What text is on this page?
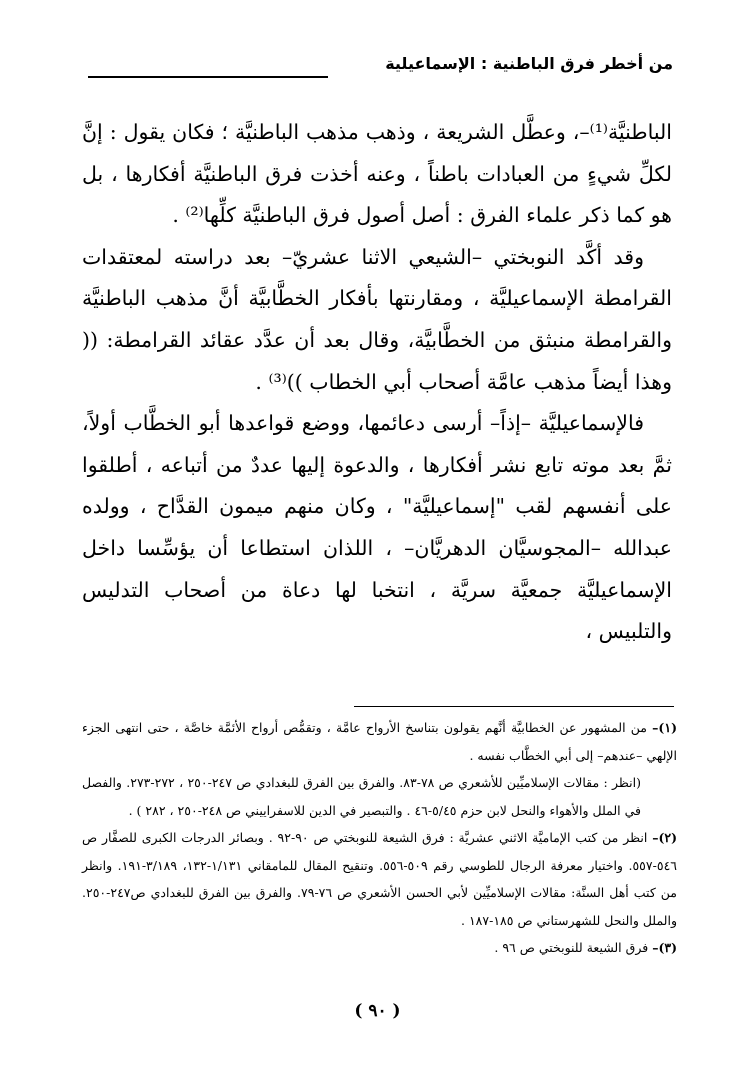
من أخطر فرق الباطنية : الإسماعيلية

الباطنيَّة⁽¹⁾–، وعطَّل الشريعة ، وذهب مذهب الباطنيَّة ؛ فكان يقول : إنَّ لكلِّ شيءٍ من العبادات باطناً ، وعنه أخذت فرق الباطنيَّة أفكارها ، بل هو كما ذكر علماء الفرق : أصل أصول فرق الباطنيَّة كلِّها⁽²⁾ .

وقد أكَّد النوبختي –الشيعي الاثنا عشريّ– بعد دراسته لمعتقدات القرامطة الإسماعيليَّة ، ومقارنتها بأفكار الخطَّابيَّة أنَّ مذهب الباطنيَّة والقرامطة منبثق من الخطَّابيَّة، وقال بعد أن عدَّد عقائد القرامطة: (( وهذا أيضاً مذهب عامَّة أصحاب أبي الخطاب ))⁽³⁾ .

فالإسماعيليَّة –إذاً– أرسى دعائمها، ووضع قواعدها أبو الخطَّاب أولاً، ثمَّ بعد موته تابع نشر أفكارها ، والدعوة إليها عددٌ من أتباعه ، أطلقوا على أنفسهم لقب "إسماعيليَّة" ، وكان منهم ميمون القدَّاح ، وولده عبدالله –المجوسيَّان الدهريَّان– ، اللذان استطاعا أن يؤسِّسا داخل الإسماعيليَّة جمعيَّة سريَّة ، انتخبا لها دعاة من أصحاب التدليس والتلبيس ،

(١)– من المشهور عن الخطابيَّة أنَّهم يقولون بتناسخ الأرواح عامَّة ، وتقمُّص أرواح الأئمَّة خاصَّة ، حتى انتهى الجزء الإلهي –عندهم– إلى أبي الخطَّاب نفسه .

(انظر : مقالات الإسلاميِّين للأشعري ص ٧٨-٨٣. والفرق بين الفرق للبغدادي ص ٢٤٧-٢٥٠ ، ٢٧٢-٢٧٣. والفصل في الملل والأهواء والنحل لابن حزم ٥/٤٥-٤٦ . والتبصير في الدين للاسفراييني ص ٢٤٨-٢٥٠ ، ٢٨٢ ) .

(٢)– انظر من كتب الإماميَّة الاثني عشريَّة : فرق الشيعة للنوبختي ص ٩٠-٩٢ . وبصائر الدرجات الكبرى للصفَّار ص ٥٤٦-٥٥٧. واختيار معرفة الرجال للطوسي رقم ٥٠٩-٥٥٦. وتنقيح المقال للمامقاني ١/١٣١-١٣٢، ٣/١٨٩-١٩١. وانظر من كتب أهل السنَّة: مقالات الإسلاميِّين لأبي الحسن الأشعري ص ٧٦-٧٩. والفرق بين الفرق للبغدادي ص٢٤٧-٢٥٠. والملل والنحل للشهرستاني ص ١٨٥-١٨٧ .

(٣)– فرق الشيعة للنوبختي ص ٩٦ .

( ٩٠ )
